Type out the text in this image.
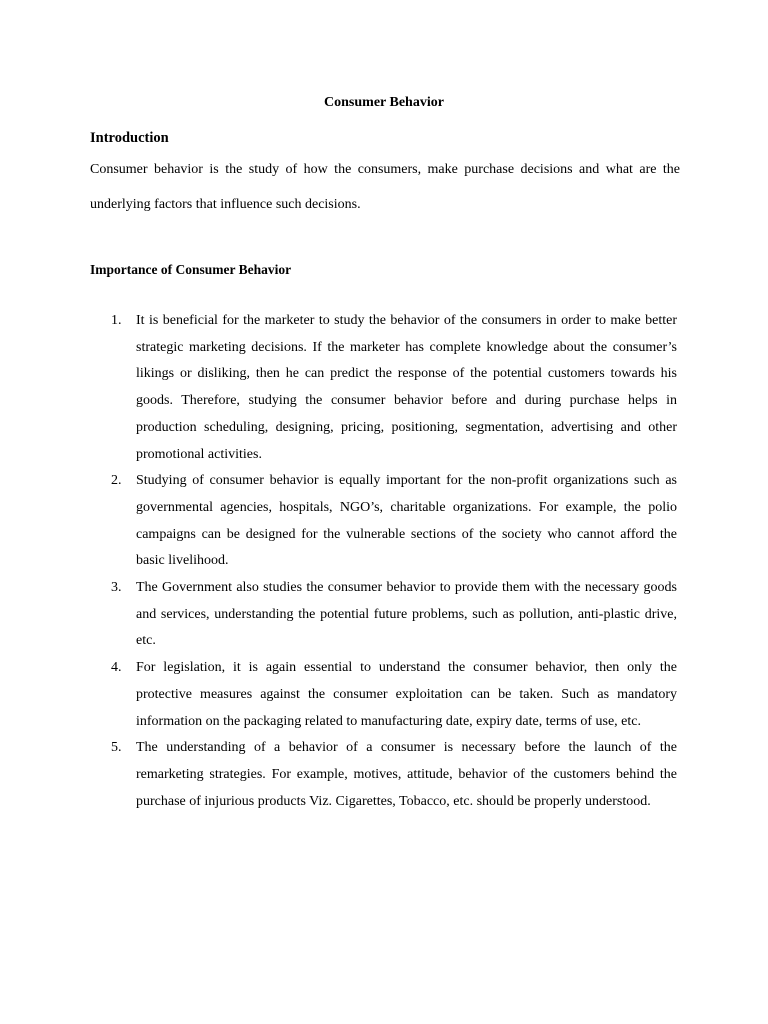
Consumer Behavior
Introduction

Consumer behavior is the study of how the consumers, make purchase decisions and what are the underlying factors that influence such decisions.

Importance of Consumer Behavior
1.	It is beneficial for the marketer to study the behavior of the consumers in order to make better strategic marketing decisions. If the marketer has complete knowledge about the consumer’s likings or disliking, then he can predict the response of the potential customers towards his goods. Therefore, studying the consumer behavior before and during purchase helps in production scheduling, designing, pricing, positioning, segmentation, advertising and other promotional activities.

2.	Studying of consumer behavior is equally important for the non-profit organizations such as governmental agencies, hospitals, NGO’s, charitable organizations. For example, the polio campaigns can be designed for the vulnerable sections of the society who cannot afford the basic livelihood.

3.	The Government also studies the consumer behavior to provide them with the necessary goods and services, understanding the potential future problems, such as pollution, anti-plastic drive, etc.

4.	For legislation, it is again essential to understand the consumer behavior, then only the protective measures against the consumer exploitation can be taken. Such as mandatory information on the packaging related to manufacturing date, expiry date, terms of use, etc.

5.	The understanding of a behavior of a consumer is necessary before the launch of the remarketing strategies. For example, motives, attitude, behavior of the customers behind the purchase of injurious products Viz. Cigarettes, Tobacco, etc. should be properly understood.
